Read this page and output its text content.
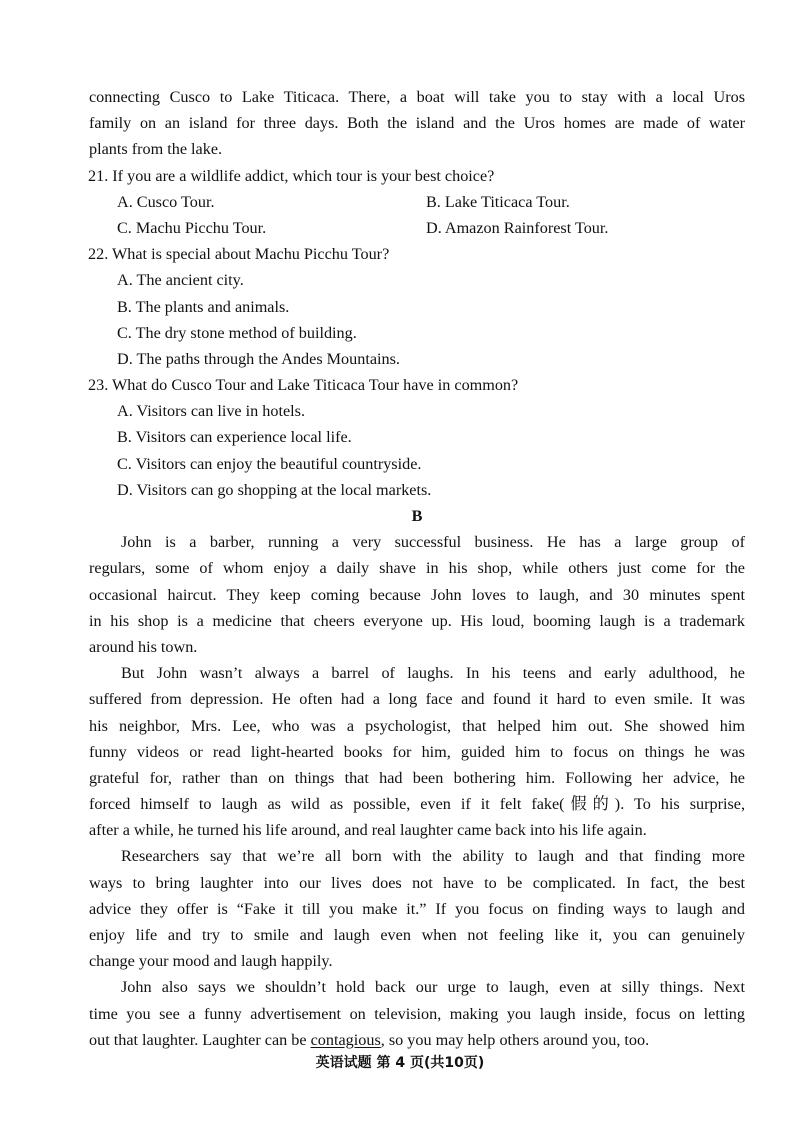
connecting Cusco to Lake Titicaca. There, a boat will take you to stay with a local Uros
family on an island for three days. Both the island and the Uros homes are made of water
plants from the lake.
21. If you are a wildlife addict, which tour is your best choice?
A. Cusco Tour.	B. Lake Titicaca Tour.
C. Machu Picchu Tour.	D. Amazon Rainforest Tour.
22. What is special about Machu Picchu Tour?
A. The ancient city.
B. The plants and animals.
C. The dry stone method of building.
D. The paths through the Andes Mountains.
23. What do Cusco Tour and Lake Titicaca Tour have in common?
A. Visitors can live in hotels.
B. Visitors can experience local life.
C. Visitors can enjoy the beautiful countryside.
D. Visitors can go shopping at the local markets.
B
John is a barber, running a very successful business. He has a large group of
regulars, some of whom enjoy a daily shave in his shop, while others just come for the
occasional haircut. They keep coming because John loves to laugh, and 30 minutes spent
in his shop is a medicine that cheers everyone up. His loud, booming laugh is a trademark
around his town.
But John wasn’t always a barrel of laughs. In his teens and early adulthood, he
suffered from depression. He often had a long face and found it hard to even smile. It was
his neighbor, Mrs. Lee, who was a psychologist, that helped him out. She showed him
funny videos or read light-hearted books for him, guided him to focus on things he was
grateful for, rather than on things that had been bothering him. Following her advice, he
forced himself to laugh as wild as possible, even if it felt fake(假的). To his surprise,
after a while, he turned his life around, and real laughter came back into his life again.
Researchers say that we’re all born with the ability to laugh and that finding more
ways to bring laughter into our lives does not have to be complicated. In fact, the best
advice they offer is “Fake it till you make it.” If you focus on finding ways to laugh and
enjoy life and try to smile and laugh even when not feeling like it, you can genuinely
change your mood and laugh happily.
John also says we shouldn’t hold back our urge to laugh, even at silly things. Next
time you see a funny advertisement on television, making you laugh inside, focus on letting
out that laughter. Laughter can be contagious, so you may help others around you, too.
英语试题 第 4 页(共10页)
